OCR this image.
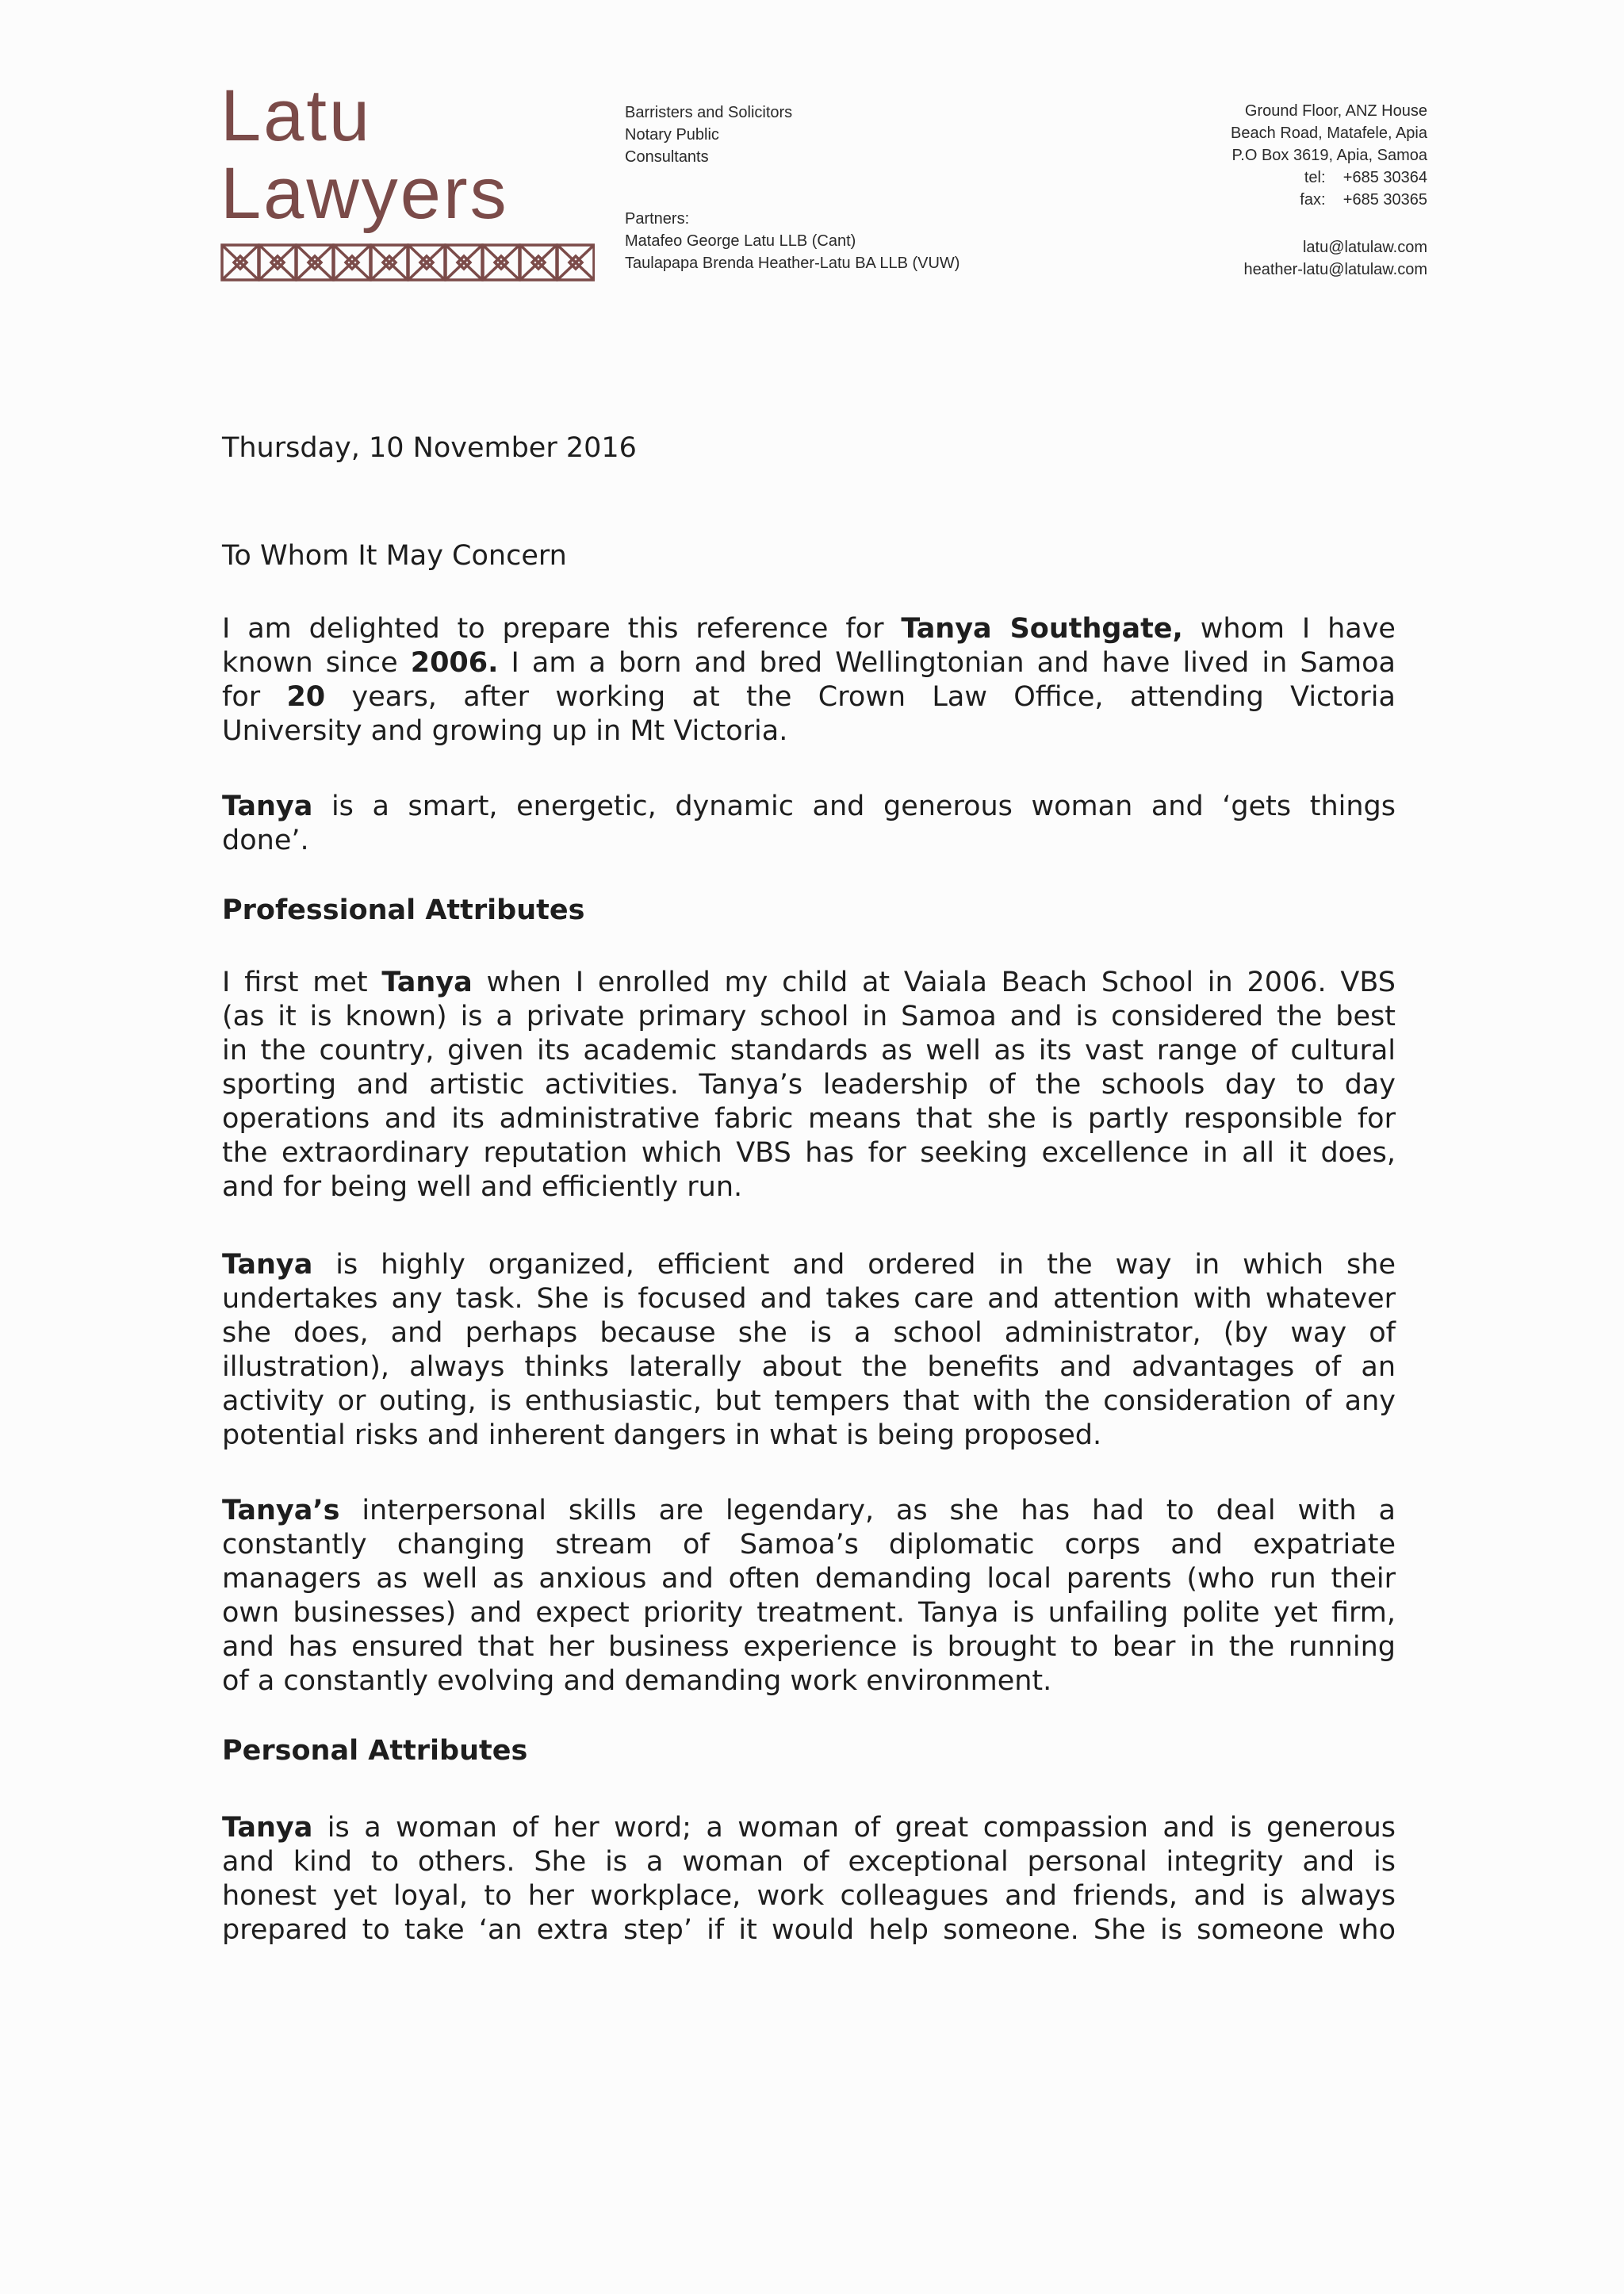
Latu
Lawyers
Barristers and Solicitors
Notary Public
Consultants
Partners:
Matafeo George Latu LLB (Cant)
Taulapapa Brenda Heather-Latu BA LLB (VUW)
Ground Floor, ANZ House
Beach Road, Matafele, Apia
P.O Box 3619, Apia, Samoa
tel: +685 30364
fax: +685 30365
latu@latulaw.com
heather-latu@latulaw.com
Thursday, 10 November 2016
To Whom It May Concern
I am delighted to prepare this reference for Tanya Southgate, whom I have
known since 2006. I am a born and bred Wellingtonian and have lived in Samoa
for 20 years, after working at the Crown Law Office, attending Victoria
University and growing up in Mt Victoria.
Tanya is a smart, energetic, dynamic and generous woman and ‘gets things
done’.
Professional Attributes
I first met Tanya when I enrolled my child at Vaiala Beach School in 2006. VBS
(as it is known) is a private primary school in Samoa and is considered the best
in the country, given its academic standards as well as its vast range of cultural
sporting and artistic activities. Tanya’s leadership of the schools day to day
operations and its administrative fabric means that she is partly responsible for
the extraordinary reputation which VBS has for seeking excellence in all it does,
and for being well and efficiently run.
Tanya is highly organized, efficient and ordered in the way in which she
undertakes any task. She is focused and takes care and attention with whatever
she does, and perhaps because she is a school administrator, (by way of
illustration), always thinks laterally about the benefits and advantages of an
activity or outing, is enthusiastic, but tempers that with the consideration of any
potential risks and inherent dangers in what is being proposed.
Tanya’s interpersonal skills are legendary, as she has had to deal with a
constantly changing stream of Samoa’s diplomatic corps and expatriate
managers as well as anxious and often demanding local parents (who run their
own businesses) and expect priority treatment. Tanya is unfailing polite yet firm,
and has ensured that her business experience is brought to bear in the running
of a constantly evolving and demanding work environment.
Personal Attributes
Tanya is a woman of her word; a woman of great compassion and is generous
and kind to others. She is a woman of exceptional personal integrity and is
honest yet loyal, to her workplace, work colleagues and friends, and is always
prepared to take ‘an extra step’ if it would help someone. She is someone who
